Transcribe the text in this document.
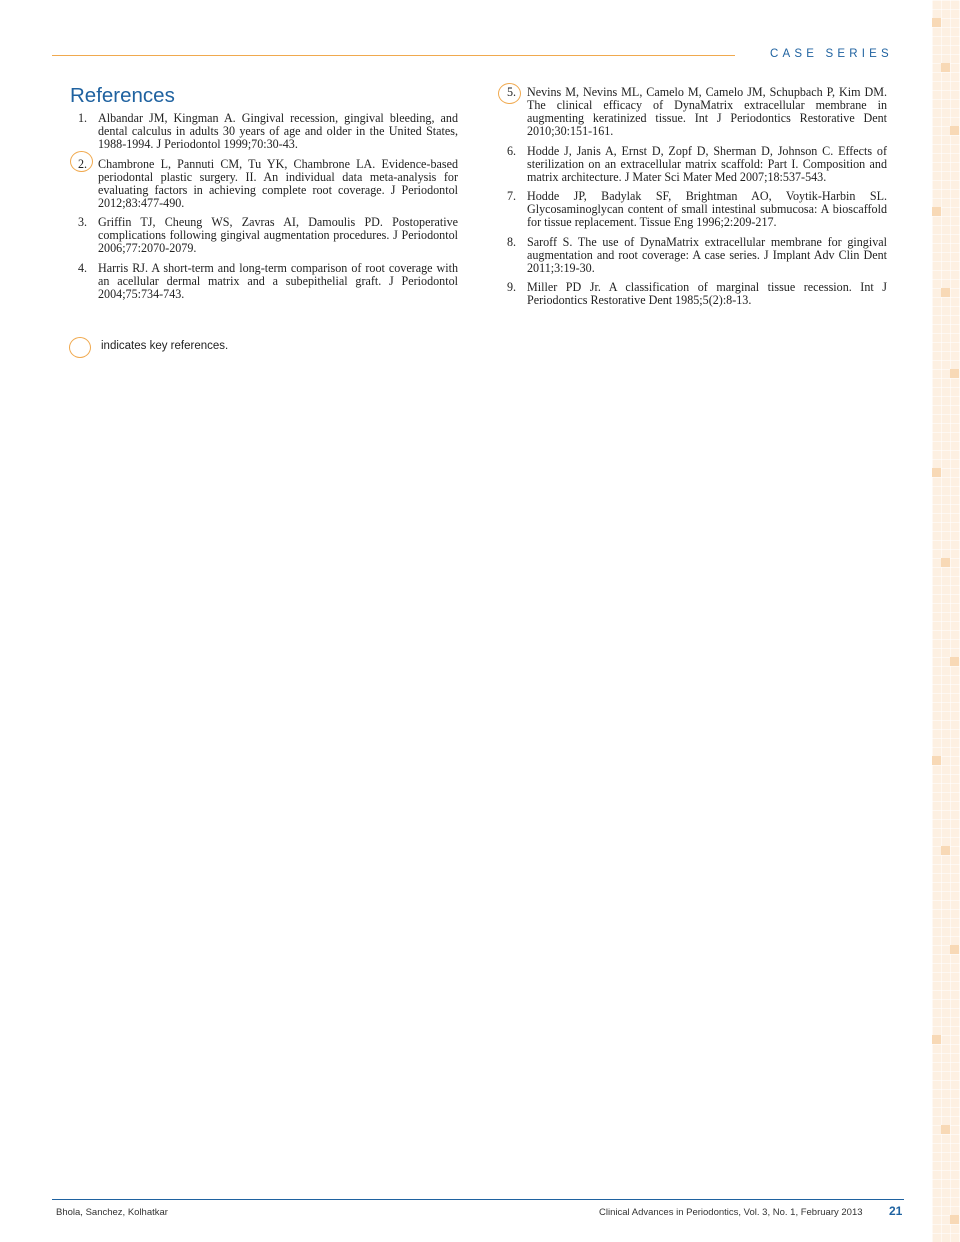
CASE SERIES
References
1. Albandar JM, Kingman A. Gingival recession, gingival bleeding, and dental calculus in adults 30 years of age and older in the United States, 1988-1994. J Periodontol 1999;70:30-43.
2. Chambrone L, Pannuti CM, Tu YK, Chambrone LA. Evidence-based periodontal plastic surgery. II. An individual data meta-analysis for evaluating factors in achieving complete root coverage. J Periodontol 2012;83:477-490.
3. Griffin TJ, Cheung WS, Zavras AI, Damoulis PD. Postoperative complications following gingival augmentation procedures. J Periodontol 2006;77:2070-2079.
4. Harris RJ. A short-term and long-term comparison of root coverage with an acellular dermal matrix and a subepithelial graft. J Periodontol 2004;75:734-743.
5. Nevins M, Nevins ML, Camelo M, Camelo JM, Schupbach P, Kim DM. The clinical efficacy of DynaMatrix extracellular membrane in augmenting keratinized tissue. Int J Periodontics Restorative Dent 2010;30:151-161.
6. Hodde J, Janis A, Ernst D, Zopf D, Sherman D, Johnson C. Effects of sterilization on an extracellular matrix scaffold: Part I. Composition and matrix architecture. J Mater Sci Mater Med 2007;18:537-543.
7. Hodde JP, Badylak SF, Brightman AO, Voytik-Harbin SL. Glycosaminoglycan content of small intestinal submucosa: A bioscaffold for tissue replacement. Tissue Eng 1996;2:209-217.
8. Saroff S. The use of DynaMatrix extracellular membrane for gingival augmentation and root coverage: A case series. J Implant Adv Clin Dent 2011;3:19-30.
9. Miller PD Jr. A classification of marginal tissue recession. Int J Periodontics Restorative Dent 1985;5(2):8-13.
indicates key references.
Bhola, Sanchez, Kolhatkar	Clinical Advances in Periodontics, Vol. 3, No. 1, February 2013 21
